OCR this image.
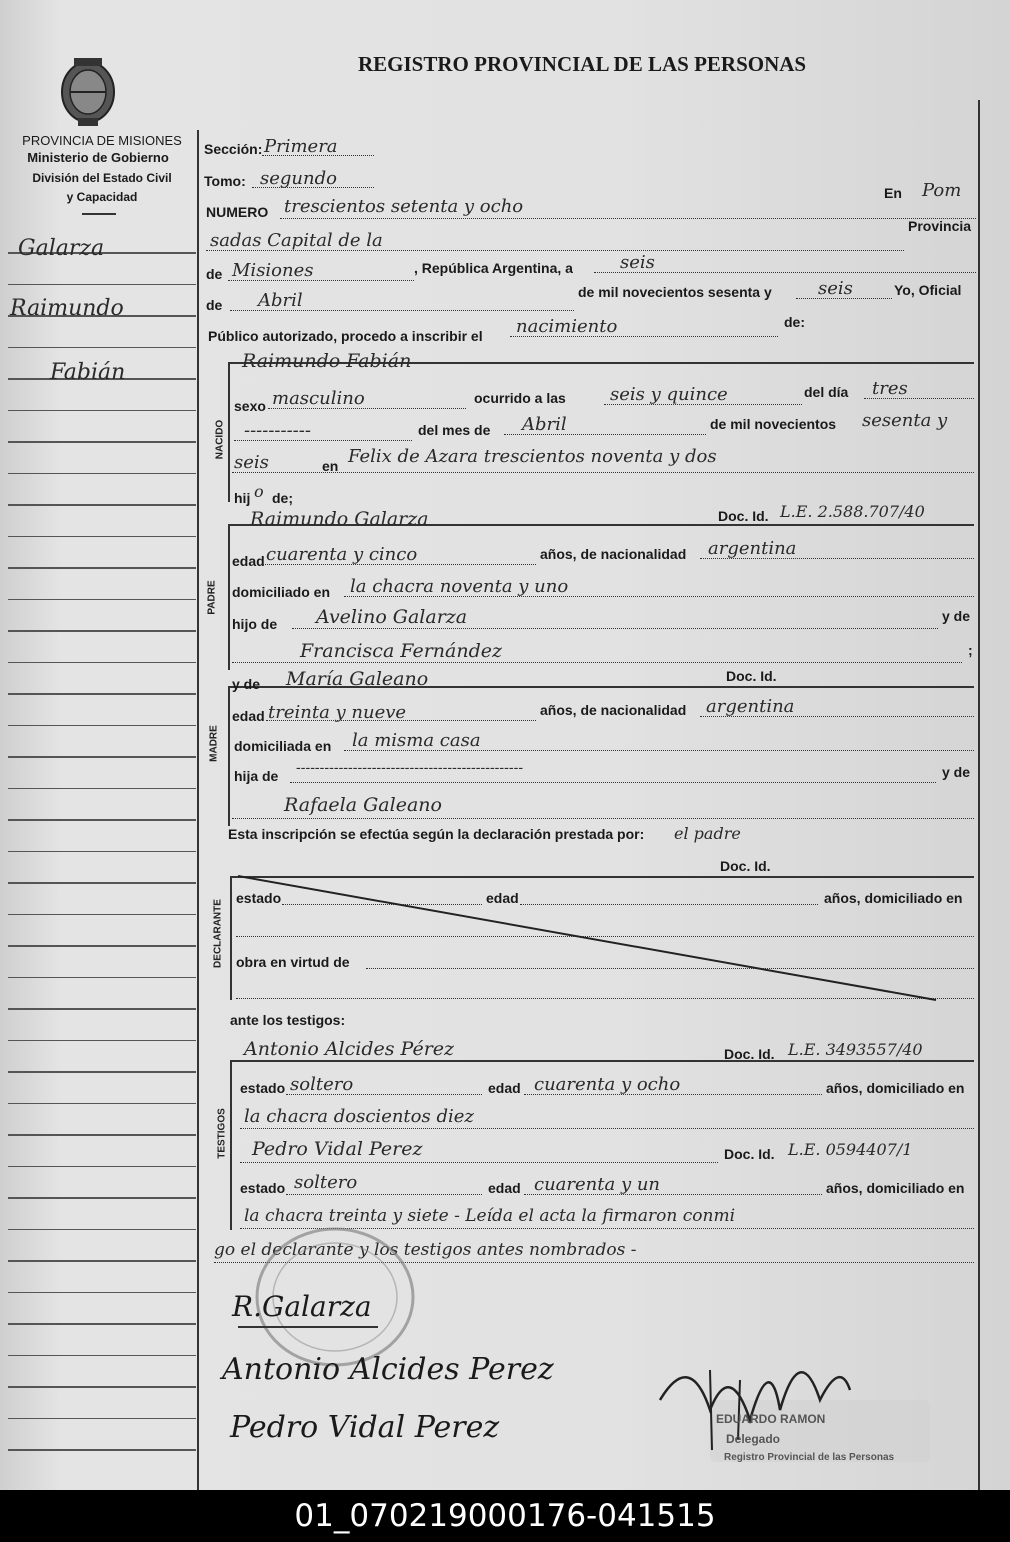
REGISTRO PROVINCIAL DE LAS PERSONAS
PROVINCIA DE MISIONES
Ministerio de Gobierno
División del Estado Civil
y Capacidad
Galarza
Raimundo
Fabián
Sección: Primera
Tomo: segundo
En Pom
NUMERO trescientos setenta y ocho
sadas Capital de la
Provincia
de Misiones	, República Argentina, a	seis
de Abril	de mil novecientos sesenta y	seis	Yo, Oficial
Público autorizado, procedo a inscribir el nacimiento	de:
NACIDO
Raimundo Fabián
sexo masculino	ocurrido a las seis y quince	del día tres
-----------	del mes de Abril	de mil novecientos sesenta y
seis	en Felix de Azara trescientos noventa y dos
hij o de;
PADRE
Raimundo Galarza	Doc. Id. L.E. 2.588.707/40
edad cuarenta y cinco	años, de nacionalidad argentina
domiciliado en la chacra noventa y uno
hijo de Avelino Galarza	y de
Francisca Fernández	;
MADRE
y de María Galeano	Doc. Id.
edad treinta y nueve	años, de nacionalidad argentina
domiciliada en la misma casa
hija de ------------------------------------------------	y de
Rafaela Galeano
Esta inscripción se efectúa según la declaración prestada por: el padre
Doc. Id.
DECLARANTE
estado	edad	años, domiciliado en
obra en virtud de
ante los testigos:
TESTIGOS
Antonio Alcides Pérez	Doc. Id. L.E. 3493557/40
estado soltero	edad cuarenta y ocho	años, domiciliado en
la chacra doscientos diez
Pedro Vidal Perez	Doc. Id. L.E. 0594407/1
estado soltero	edad cuarenta y un	años, domiciliado en
la chacra treinta y siete - Leída el acta la firmaron conmi
go el declarante y los testigos antes nombrados -
R.Galarza
Antonio Alcides Perez
Pedro Vidal Perez	EDUARDO RAMON
Delegado
Registro Provincial de las Personas
01_070219000176-041515
